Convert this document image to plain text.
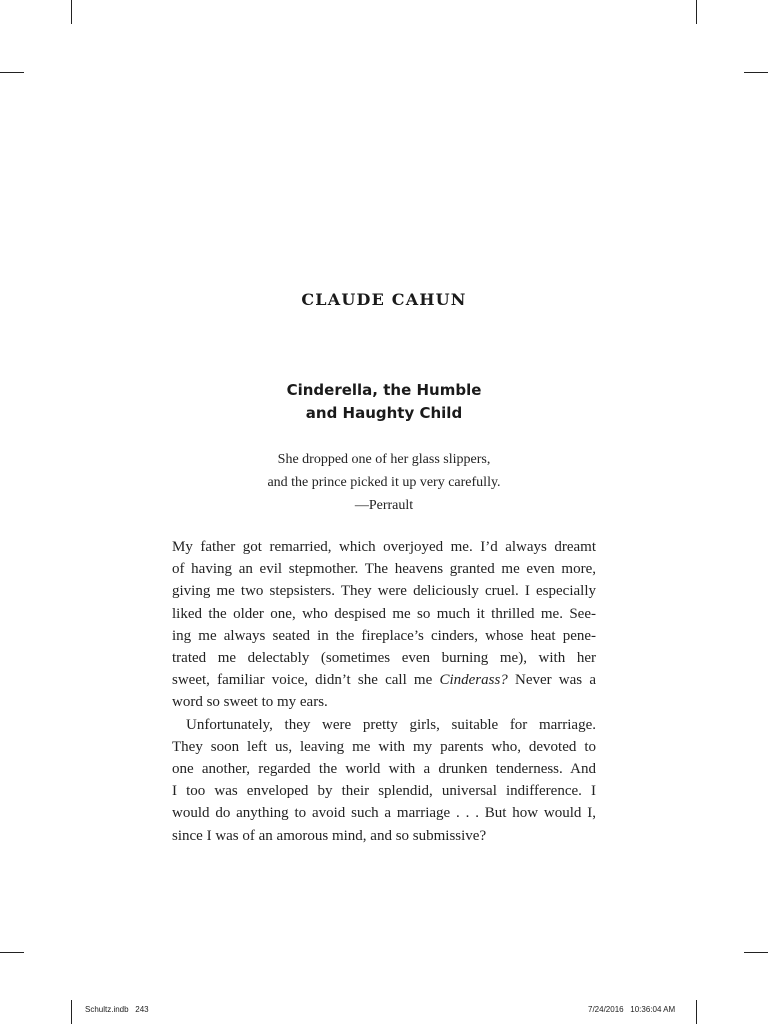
CLAUDE CAHUN
Cinderella, the Humble
and Haughty Child
She dropped one of her glass slippers,
and the prince picked it up very carefully.
—Perrault
My father got remarried, which overjoyed me. I’d always dreamt
of having an evil stepmother. The heavens granted me even more,
giving me two stepsisters. They were deliciously cruel. I especially
liked the older one, who despised me so much it thrilled me. See-
ing me always seated in the fireplace’s cinders, whose heat pene-
trated me delectably (sometimes even burning me), with her
sweet, familiar voice, didn’t she call me Cinderass? Never was a
word so sweet to my ears.
Unfortunately, they were pretty girls, suitable for marriage.
They soon left us, leaving me with my parents who, devoted to
one another, regarded the world with a drunken tenderness. And
I too was enveloped by their splendid, universal indifference. I
would do anything to avoid such a marriage . . . But how would I,
since I was of an amorous mind, and so submissive?
Schultz.indb   243	7/24/2016   10:36:04 AM
